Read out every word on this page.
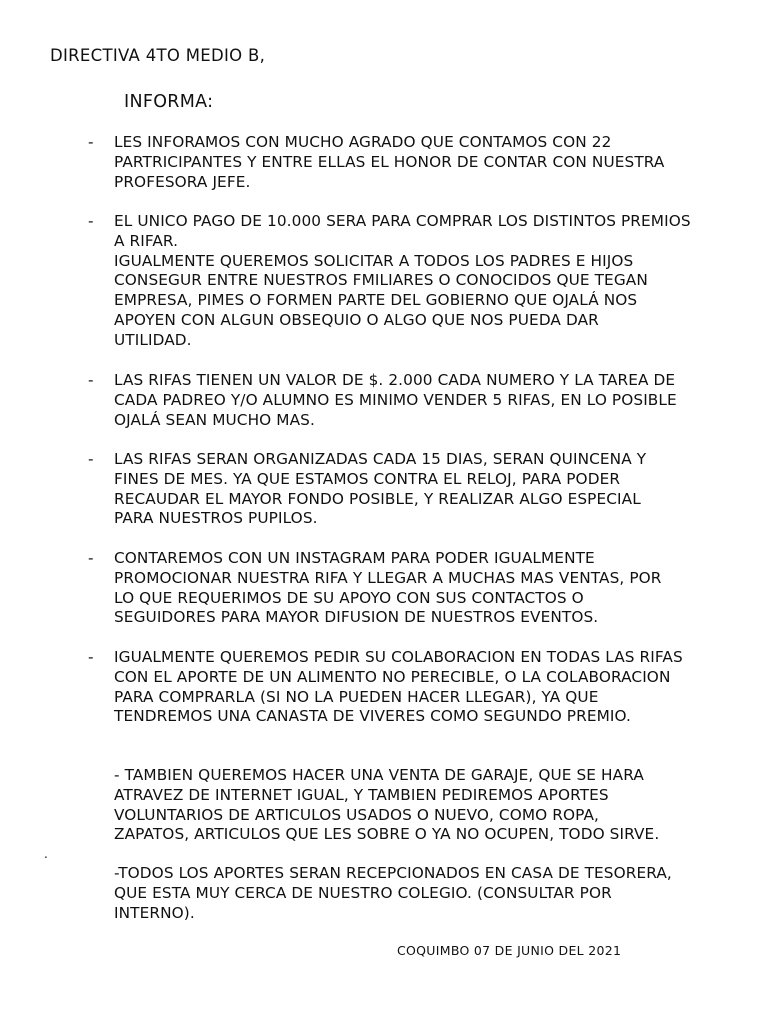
DIRECTIVA 4TO MEDIO B,
INFORMA:
- LES INFORAMOS CON MUCHO AGRADO QUE CONTAMOS CON 22
PARTRICIPANTES Y ENTRE ELLAS EL HONOR DE CONTAR CON NUESTRA
PROFESORA JEFE.
- EL UNICO PAGO DE 10.000 SERA PARA COMPRAR LOS DISTINTOS PREMIOS
A RIFAR.
IGUALMENTE QUEREMOS SOLICITAR A TODOS LOS PADRES E HIJOS
CONSEGUR ENTRE NUESTROS FMILIARES O CONOCIDOS QUE TEGAN
EMPRESA, PIMES O FORMEN PARTE DEL GOBIERNO QUE OJALÁ NOS
APOYEN CON ALGUN OBSEQUIO O ALGO QUE NOS PUEDA DAR
UTILIDAD.
- LAS RIFAS TIENEN UN VALOR DE $. 2.000 CADA NUMERO Y LA TAREA DE
CADA PADREO Y/O ALUMNO ES MINIMO VENDER 5 RIFAS, EN LO POSIBLE
OJALÁ SEAN MUCHO MAS.
- LAS RIFAS SERAN ORGANIZADAS CADA 15 DIAS, SERAN QUINCENA Y
FINES DE MES. YA QUE ESTAMOS CONTRA EL RELOJ, PARA PODER
RECAUDAR EL MAYOR FONDO POSIBLE, Y REALIZAR ALGO ESPECIAL
PARA NUESTROS PUPILOS.
- CONTAREMOS CON UN INSTAGRAM PARA PODER IGUALMENTE
PROMOCIONAR NUESTRA RIFA Y LLEGAR A MUCHAS MAS VENTAS, POR
LO QUE REQUERIMOS DE SU APOYO CON SUS CONTACTOS O
SEGUIDORES PARA MAYOR DIFUSION DE NUESTROS EVENTOS.
- IGUALMENTE QUEREMOS PEDIR SU COLABORACION EN TODAS LAS RIFAS
CON EL APORTE DE UN ALIMENTO NO PERECIBLE, O LA COLABORACION
PARA COMPRARLA (SI NO LA PUEDEN HACER LLEGAR), YA QUE
TENDREMOS UNA CANASTA DE VIVERES COMO SEGUNDO PREMIO.
- TAMBIEN QUEREMOS HACER UNA VENTA DE GARAJE, QUE SE HARA
ATRAVEZ DE INTERNET IGUAL, Y TAMBIEN PEDIREMOS APORTES
VOLUNTARIOS DE ARTICULOS USADOS O NUEVO, COMO ROPA,
ZAPATOS, ARTICULOS QUE LES SOBRE O YA NO OCUPEN, TODO SIRVE.
.
-TODOS LOS APORTES SERAN RECEPCIONADOS EN CASA DE TESORERA,
QUE ESTA MUY CERCA DE NUESTRO COLEGIO. (CONSULTAR POR
INTERNO).
COQUIMBO 07 DE JUNIO DEL 2021
